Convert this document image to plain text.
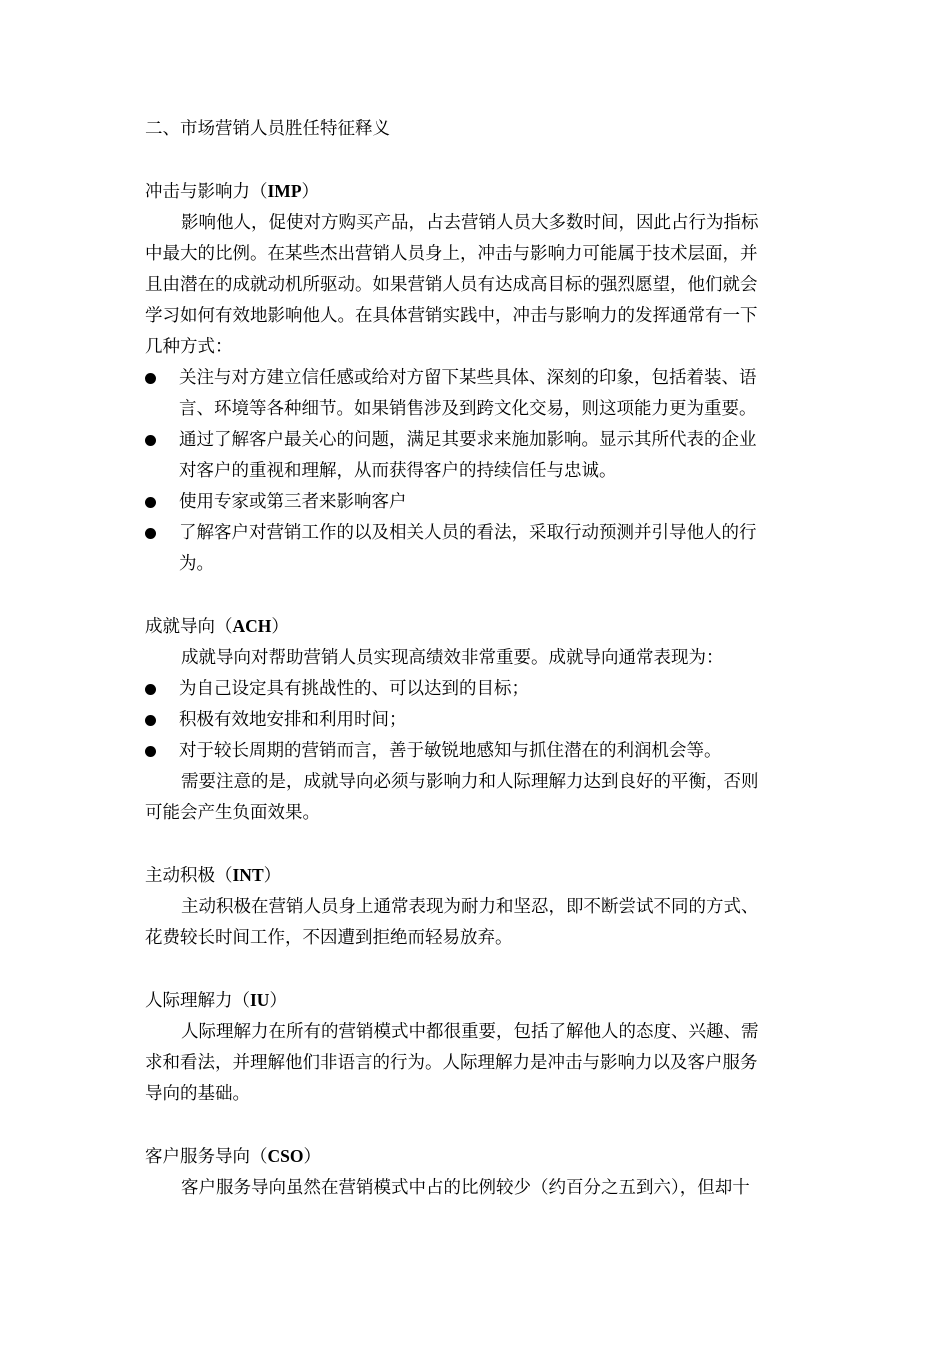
二、市场营销人员胜任特征释义
冲击与影响力（IMP）
影响他人，促使对方购买产品，占去营销人员大多数时间，因此占行为指标
中最大的比例。在某些杰出营销人员身上，冲击与影响力可能属于技术层面，并
且由潜在的成就动机所驱动。如果营销人员有达成高目标的强烈愿望，他们就会
学习如何有效地影响他人。在具体营销实践中，冲击与影响力的发挥通常有一下
几种方式：
关注与对方建立信任感或给对方留下某些具体、深刻的印象，包括着装、语
言、环境等各种细节。如果销售涉及到跨文化交易，则这项能力更为重要。
通过了解客户最关心的问题，满足其要求来施加影响。显示其所代表的企业
对客户的重视和理解，从而获得客户的持续信任与忠诚。
使用专家或第三者来影响客户
了解客户对营销工作的以及相关人员的看法，采取行动预测并引导他人的行
为。
成就导向（ACH）
成就导向对帮助营销人员实现高绩效非常重要。成就导向通常表现为：
为自己设定具有挑战性的、可以达到的目标；
积极有效地安排和利用时间；
对于较长周期的营销而言，善于敏锐地感知与抓住潜在的利润机会等。
需要注意的是，成就导向必须与影响力和人际理解力达到良好的平衡，否则
可能会产生负面效果。
主动积极（INT）
主动积极在营销人员身上通常表现为耐力和坚忍，即不断尝试不同的方式、
花费较长时间工作，不因遭到拒绝而轻易放弃。
人际理解力（IU）
人际理解力在所有的营销模式中都很重要，包括了解他人的态度、兴趣、需
求和看法，并理解他们非语言的行为。人际理解力是冲击与影响力以及客户服务
导向的基础。
客户服务导向（CSO）
客户服务导向虽然在营销模式中占的比例较少（约百分之五到六），但却十
